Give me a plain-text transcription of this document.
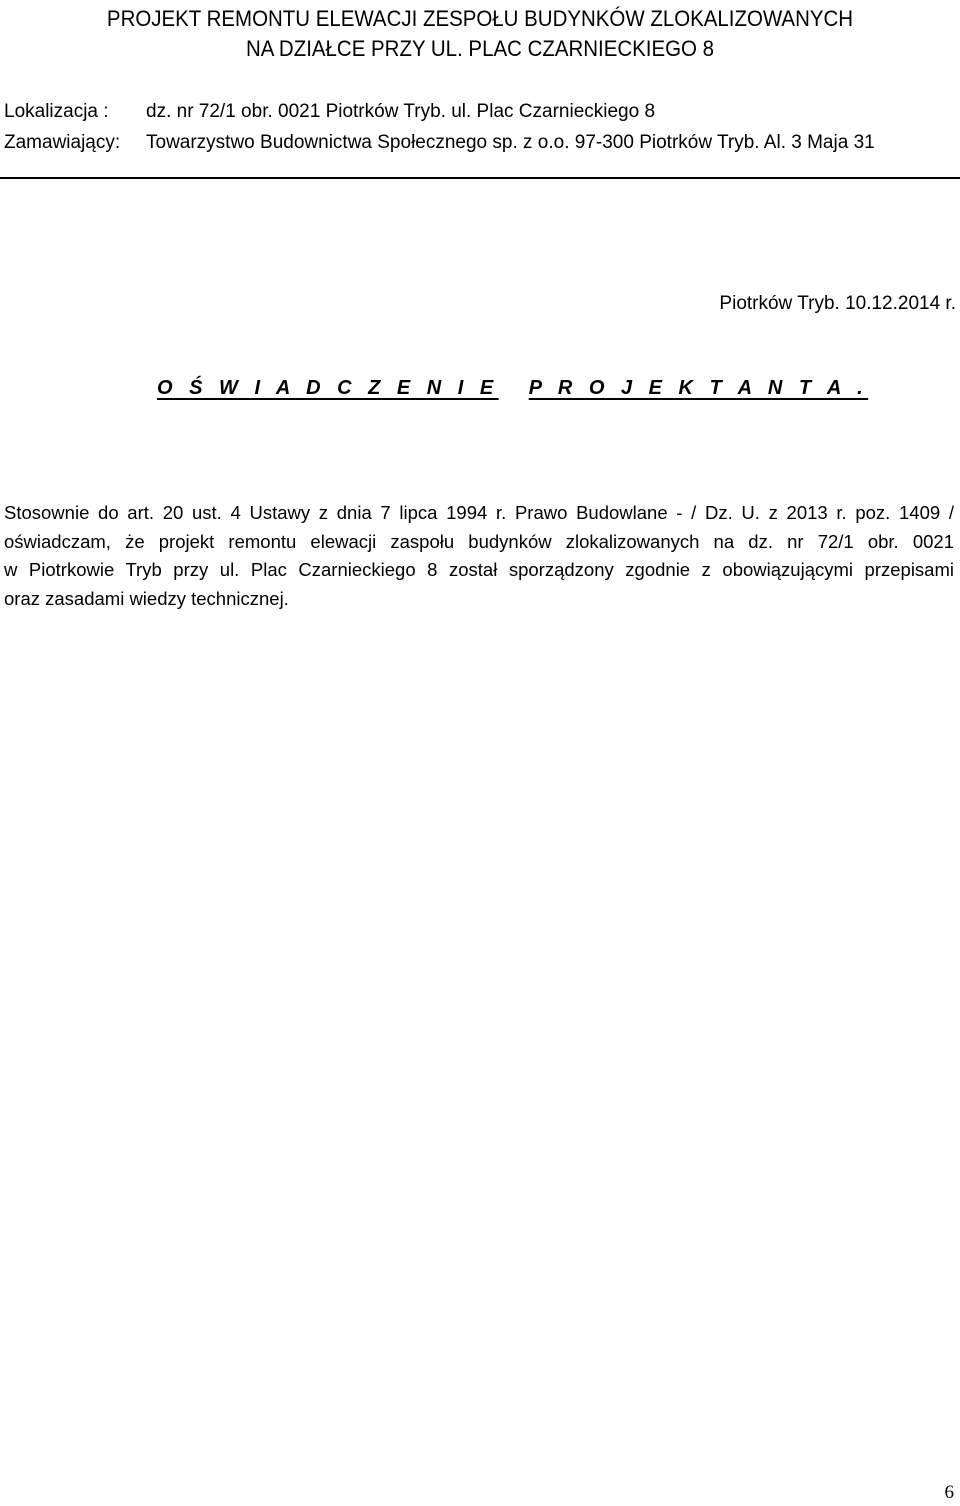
PROJEKT REMONTU ELEWACJI ZESPOŁU BUDYNKÓW ZLOKALIZOWANYCH
NA DZIAŁCE PRZY UL. PLAC CZARNIECKIEGO 8
Lokalizacja :	dz. nr 72/1 obr. 0021 Piotrków Tryb. ul. Plac Czarnieckiego 8
Zamawiający:	Towarzystwo Budownictwa Społecznego sp. z o.o. 97-300 Piotrków Tryb. Al. 3 Maja 31
Piotrków Tryb. 10.12.2014 r.
O Ś W I A D C Z E N I E P R O J E K T A N T A .
Stosownie do art. 20 ust. 4 Ustawy z dnia 7 lipca 1994 r. Prawo Budowlane - / Dz. U. z 2013 r. poz. 1409 /
oświadczam, że projekt remontu elewacji zaspołu budynków zlokalizowanych na dz. nr 72/1 obr. 0021
w Piotrkowie Tryb przy ul. Plac Czarnieckiego 8 został sporządzony zgodnie z obowiązującymi przepisami
oraz zasadami wiedzy technicznej.
6
